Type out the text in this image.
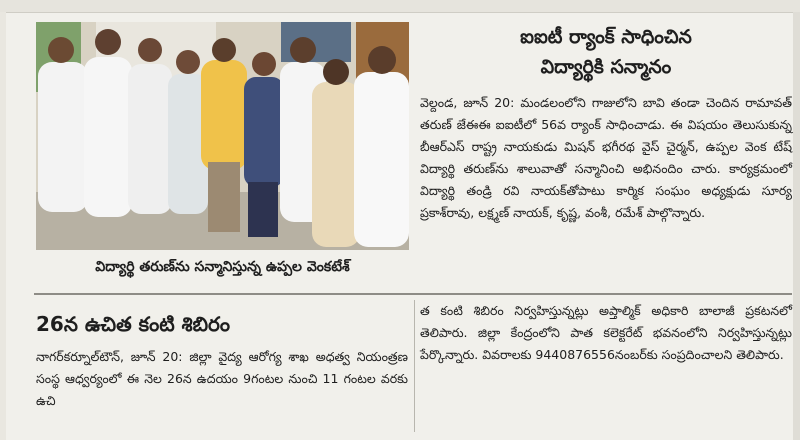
విద్యార్థి తరుణ్‌ను సన్మానిస్తున్న ఉప్పల వెంకటేశ్
ఐఐటీ ర్యాంక్ సాధించిన
విద్యార్థికి సన్మానం
వెల్దండ, జూన్ 20: మండలంలోని గాజులోని బావి తండా చెందిన రామావత్ తరుణ్ జేఈఈ ఐఐటీలో 56వ ర్యాంక్ సాధించాడు. ఈ విషయం తెలుసుకున్న బీఆర్ఎస్ రాష్ట్ర నాయకుడు మిషన్ భగీరథ వైస్ చైర్మన్, ఉప్పల వెంక టేష్ విద్యార్థి తరుణ్‌ను శాలువాతో సన్మానించి అభినందిం చారు. కార్యక్రమంలో విద్యార్థి తండ్రి రవి నాయక్‌తోపాటు కార్మిక సంఘం అధ్యక్షుడు సూర్య ప్రకాశ్‌రావు, లక్ష్మణ్ నాయక్, కృష్ణ, వంశీ, రమేశ్ పాల్గొన్నారు.
26న ఉచిత కంటి శిబిరం
నాగర్‌కర్నూల్‌టౌన్, జూన్ 20: జిల్లా వైద్య ఆరోగ్య శాఖ అధత్వ నియంత్రణ సంస్థ ఆధ్వర్యంలో ఈ నెల 26న ఉదయం 9గంటల నుంచి 11 గంటల వరకు ఉచి
త కంటి శిబిరం నిర్వహిస్తున్నట్లు అప్తాల్మిక్ అధికారి బాలాజీ ప్రకటనలో తెలిపారు. జిల్లా కేంద్రంలోని పాత కలెక్టరేట్ భవనంలోని నిర్వహిస్తున్నట్లు పేర్కొన్నారు. వివరాలకు 9440876556నంబర్‌కు సంప్రదించాలని తెలిపారు.
